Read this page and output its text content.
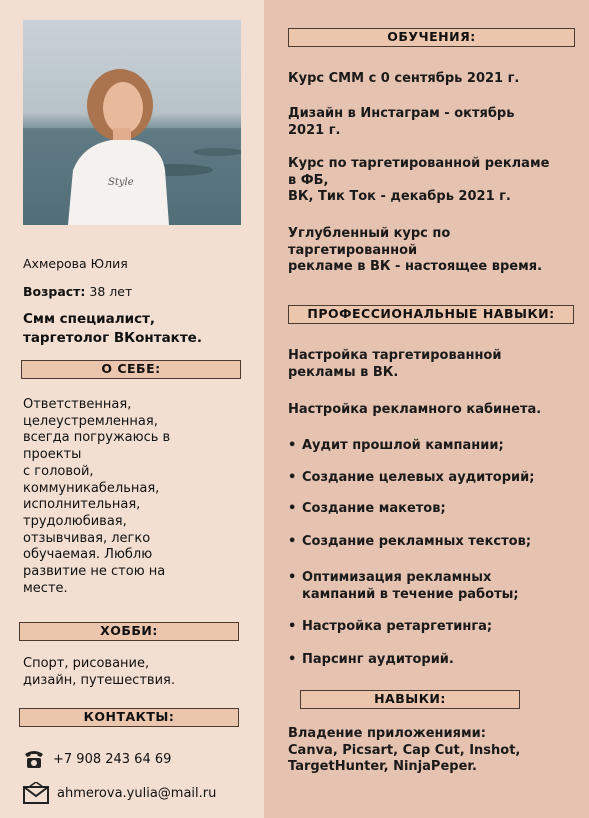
Style
Ахмерова Юлия
Возраст: 38 лет
Смм специалист,
таргетолог ВКонтакте.
О СЕБЕ:
Ответственная,
целеустремленная,
всегда погружаюсь в
проекты
с головой,
коммуникабельная,
исполнительная,
трудолюбивая,
отзывчивая, легко
обучаемая. Люблю
развитие не стою на
месте.
ХОББИ:
Спорт, рисование,
дизайн, путешествия.
КОНТАКТЫ:
+7 908 243 64 69
ahmerova.yulia@mail.ru
ОБУЧЕНИЯ:
Курс СММ с 0 сентябрь 2021 г.
Дизайн в Инстаграм - октябрь
2021 г.
Курс по таргетированной рекламе
в ФБ,
ВК, Тик Ток - декабрь 2021 г.
Углубленный курс по
таргетированной
рекламе в ВК - настоящее время.
ПРОФЕССИОНАЛЬНЫЕ НАВЫКИ:
Настройка таргетированной
рекламы в ВК.
Настройка рекламного кабинета.
• Аудит прошлой кампании;
• Создание целевых аудиторий;
• Создание макетов;
• Создание рекламных текстов;
• Оптимизация рекламных
кампаний в течение работы;
• Настройка ретаргетинга;
• Парсинг аудиторий.
НАВЫКИ:
Владение приложениями:
Canva, Picsart, Cap Cut, Inshot,
TargetHunter, NinjaPeper.
